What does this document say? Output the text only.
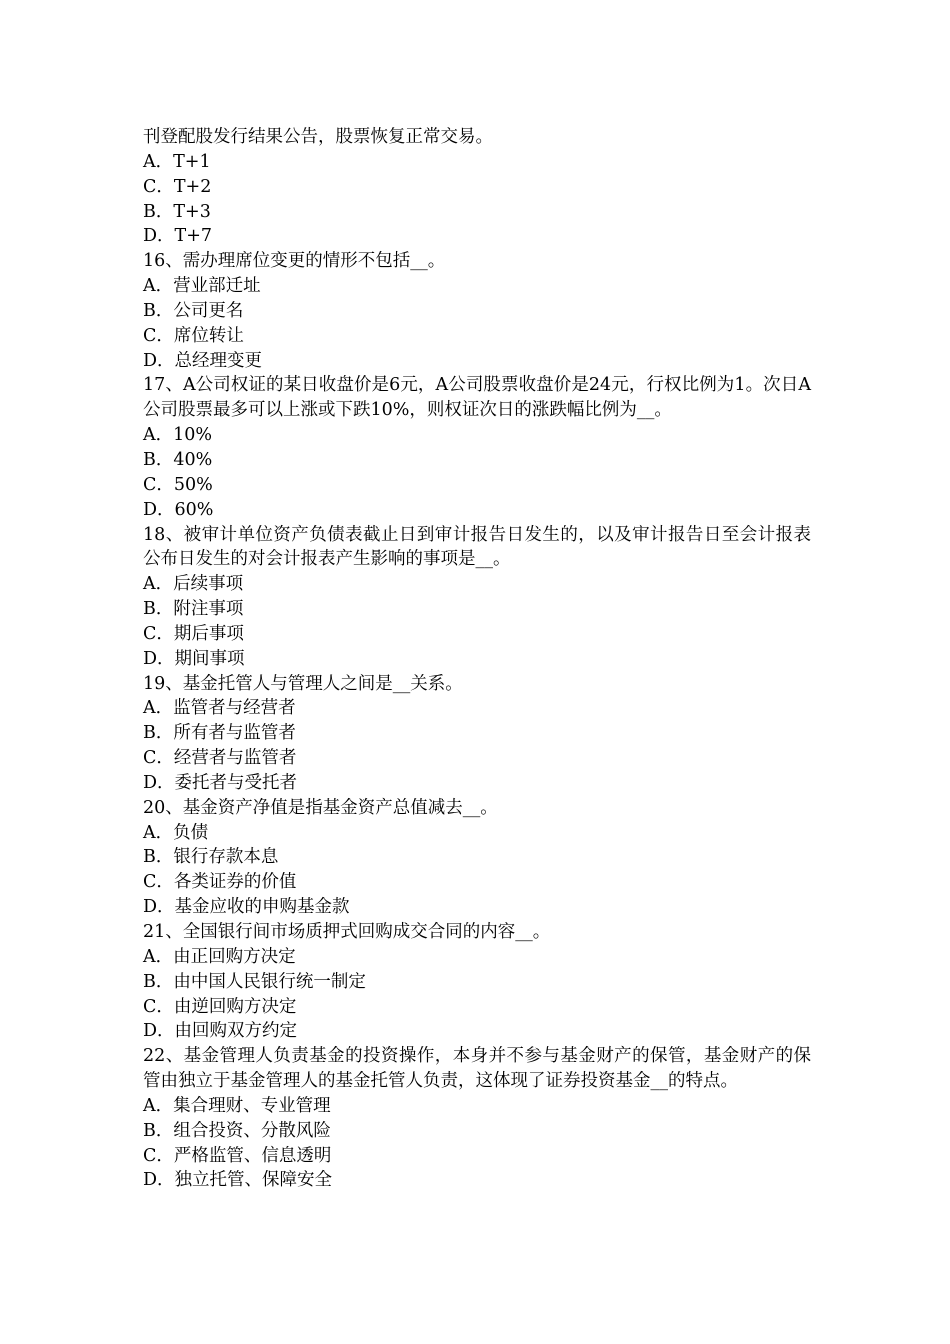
刊登配股发行结果公告，股票恢复正常交易。

A．T+1

C．T+2

B．T+3

D．T+7

16、需办理席位变更的情形不包括__。

A．营业部迁址

B．公司更名

C．席位转让

D．总经理变更

17、A公司权证的某日收盘价是6元，A公司股票收盘价是24元，行权比例为1。次日A公司股票最多可以上涨或下跌10%，则权证次日的涨跌幅比例为__。

A．10%

B．40%

C．50%

D．60%

18、被审计单位资产负债表截止日到审计报告日发生的，以及审计报告日至会计报表公布日发生的对会计报表产生影响的事项是__。

A．后续事项

B．附注事项

C．期后事项

D．期间事项

19、基金托管人与管理人之间是__关系。

A．监管者与经营者

B．所有者与监管者

C．经营者与监管者

D．委托者与受托者

20、基金资产净值是指基金资产总值减去__。

A．负债

B．银行存款本息

C．各类证券的价值

D．基金应收的申购基金款

21、全国银行间市场质押式回购成交合同的内容__。

A．由正回购方决定

B．由中国人民银行统一制定

C．由逆回购方决定

D．由回购双方约定

22、基金管理人负责基金的投资操作，本身并不参与基金财产的保管，基金财产的保管由独立于基金管理人的基金托管人负责，这体现了证券投资基金__的特点。

A．集合理财、专业管理

B．组合投资、分散风险

C．严格监管、信息透明

D．独立托管、保障安全
